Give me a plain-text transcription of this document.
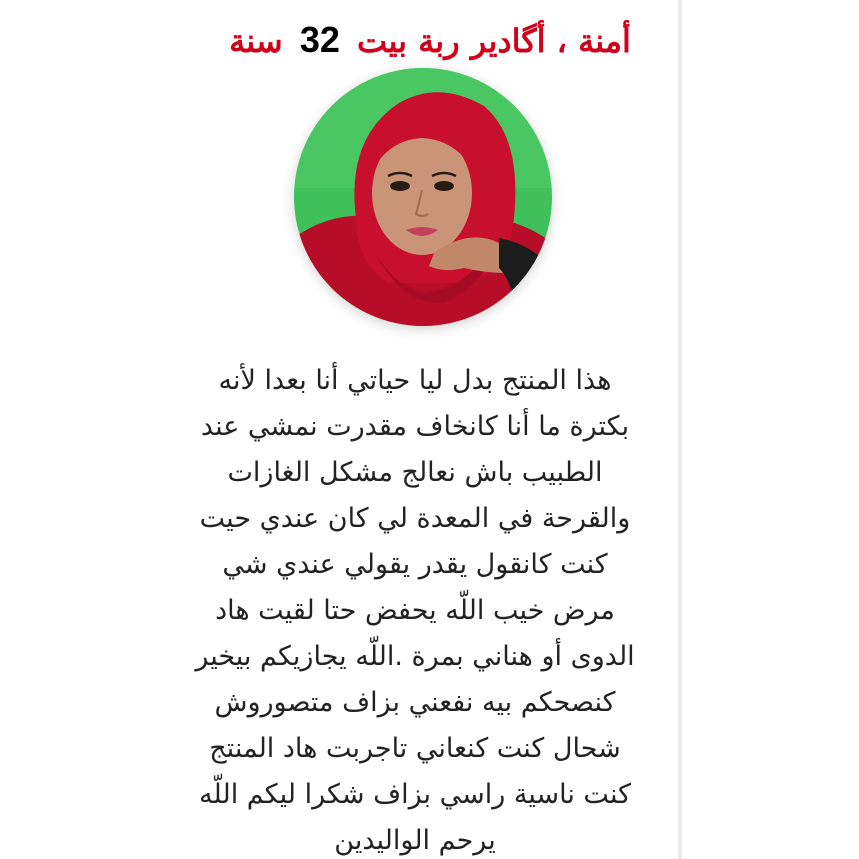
أمنة ، أگادير ربة بيت 32 سنة
هذا المنتج بدل ليا حياتي أنا بعدا لأنه
بكترة ما أنا كانخاف مقدرت نمشي عند
الطبيب باش نعالج مشكل الغازات
والقرحة في المعدة لي كان عندي حيت
كنت كانقول يقدر يقولي عندي شي
مرض خيب اللّه يحفض حتا لقيت هاد
الدوى أو هناني بمرة .اللّه يجازيكم بيخير
كنصحكم بيه نفعني بزاف متصوروش
شحال كنت كنعاني تاجربت هاد المنتج
كنت ناسية راسي بزاف شكرا ليكم اللّه
يرحم الواليدين
